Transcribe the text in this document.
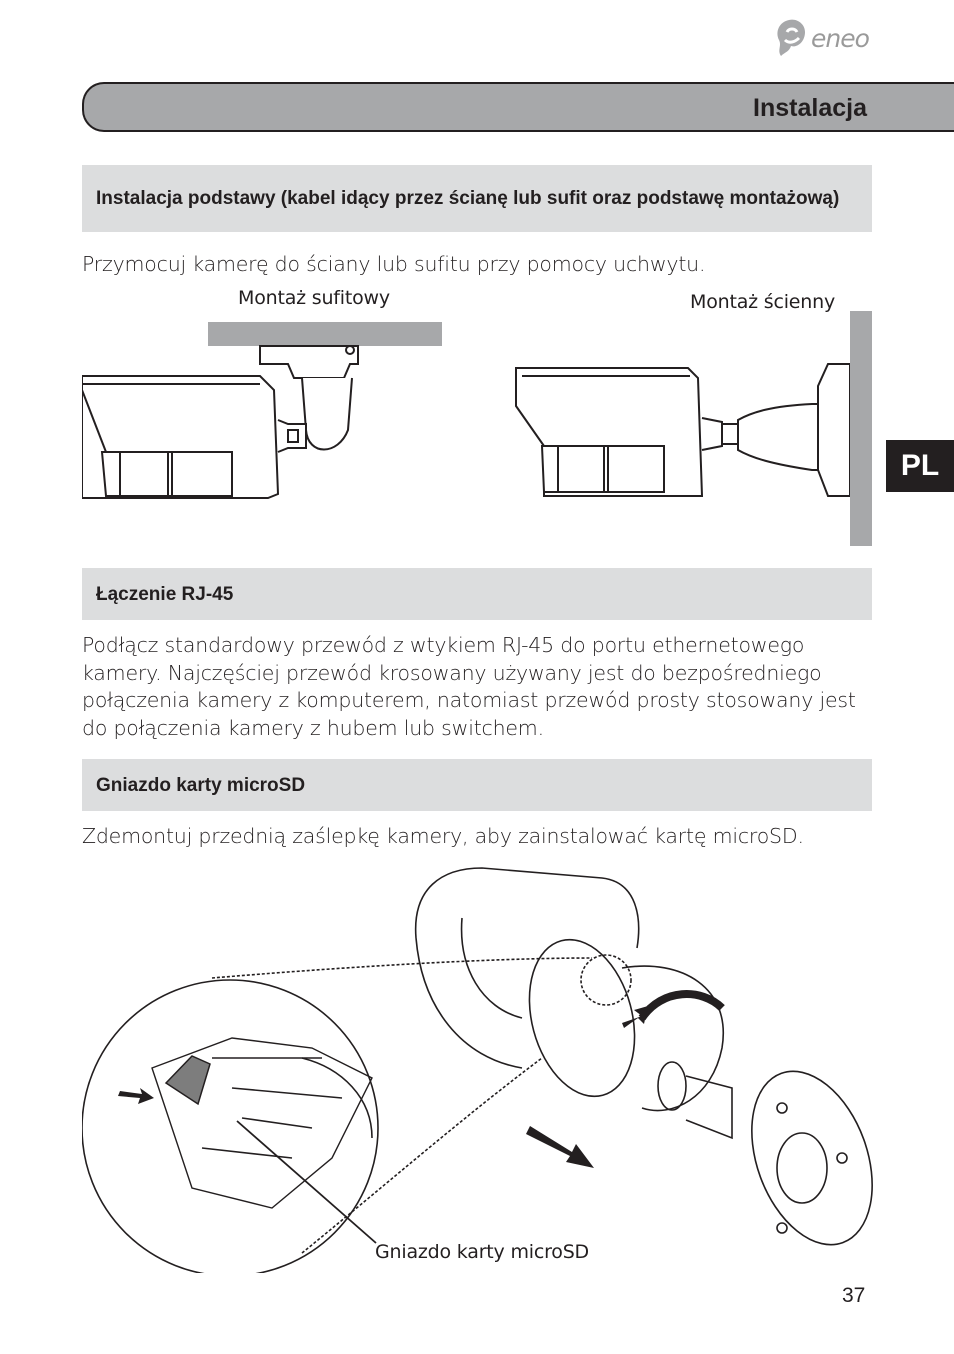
eneo
Instalacja
Instalacja podstawy (kabel idący przez ścianę lub sufit oraz podstawę montażową)
Przymocuj kamerę do ściany lub sufitu przy pomocy uchwytu.
Montaż sufitowy	Montaż ścienny
PL
Łączenie RJ-45
Podłącz standardowy przewód z wtykiem RJ-45 do portu ethernetowego kamery. Najczęściej przewód krosowany używany jest do bezpośredniego połączenia kamery z komputerem, natomiast przewód prosty stosowany jest do połączenia kamery z hubem lub switchem.
Gniazdo karty microSD
Zdemontuj przednią zaślepkę kamery, aby zainstalować kartę microSD.
Gniazdo karty microSD
37
